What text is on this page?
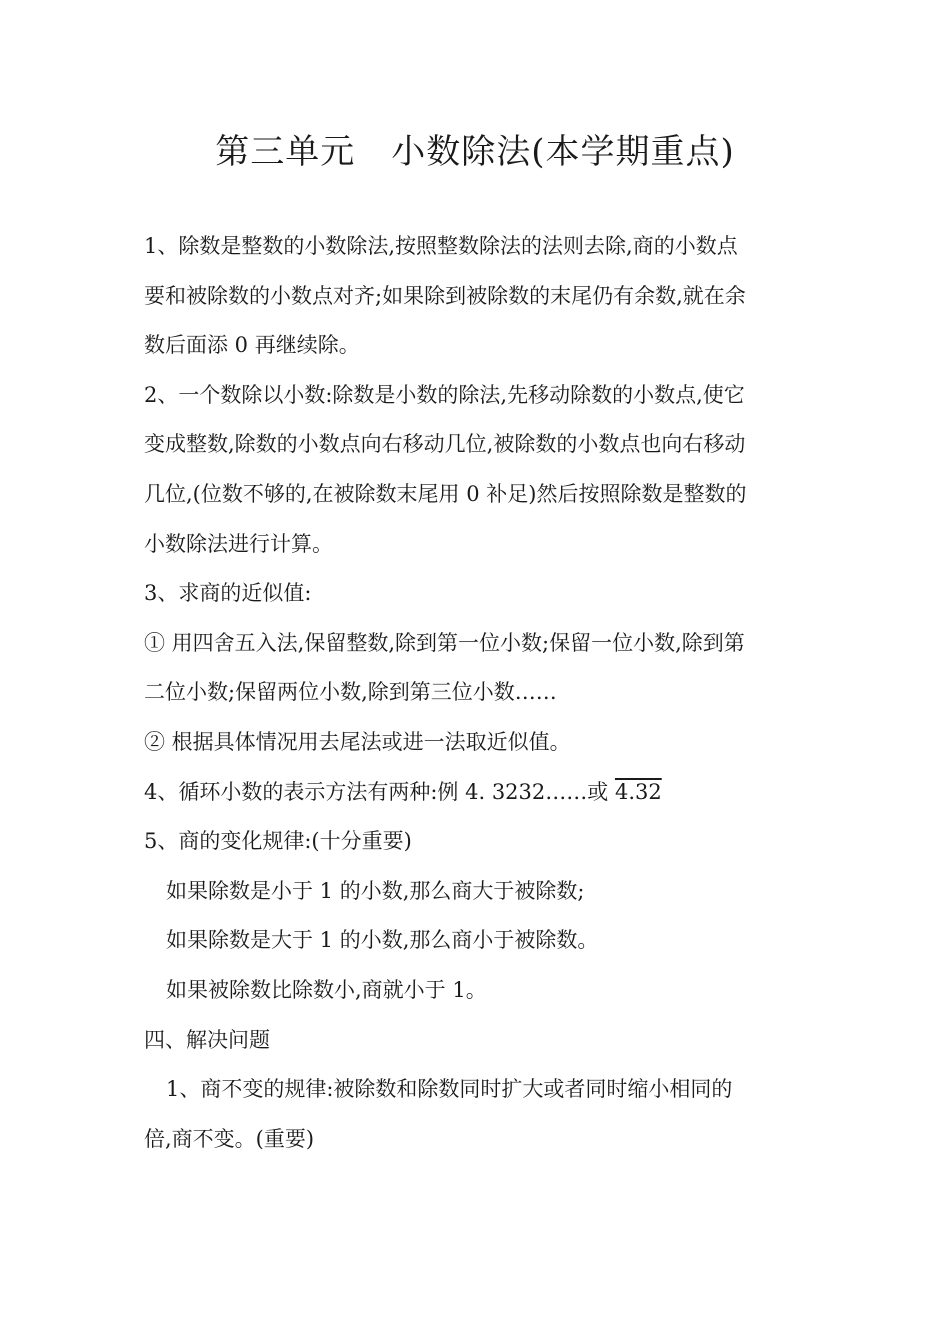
第三单元 小数除法(本学期重点)
1、除数是整数的小数除法,按照整数除法的法则去除,商的小数点
要和被除数的小数点对齐;如果除到被除数的末尾仍有余数,就在余
数后面添 0 再继续除。
2、一个数除以小数:除数是小数的除法,先移动除数的小数点,使它
变成整数,除数的小数点向右移动几位,被除数的小数点也向右移动
几位,(位数不够的,在被除数末尾用 0 补足)然后按照除数是整数的
小数除法进行计算。
3、求商的近似值:
① 用四舍五入法,保留整数,除到第一位小数;保留一位小数,除到第
二位小数;保留两位小数,除到第三位小数……
② 根据具体情况用去尾法或进一法取近似值。
4、循环小数的表示方法有两种:例 4. 3232……或 4.32
5、商的变化规律:(十分重要)
如果除数是小于 1 的小数,那么商大于被除数;
如果除数是大于 1 的小数,那么商小于被除数。
如果被除数比除数小,商就小于 1。
四、解决问题
1、商不变的规律:被除数和除数同时扩大或者同时缩小相同的
倍,商不变。(重要)
